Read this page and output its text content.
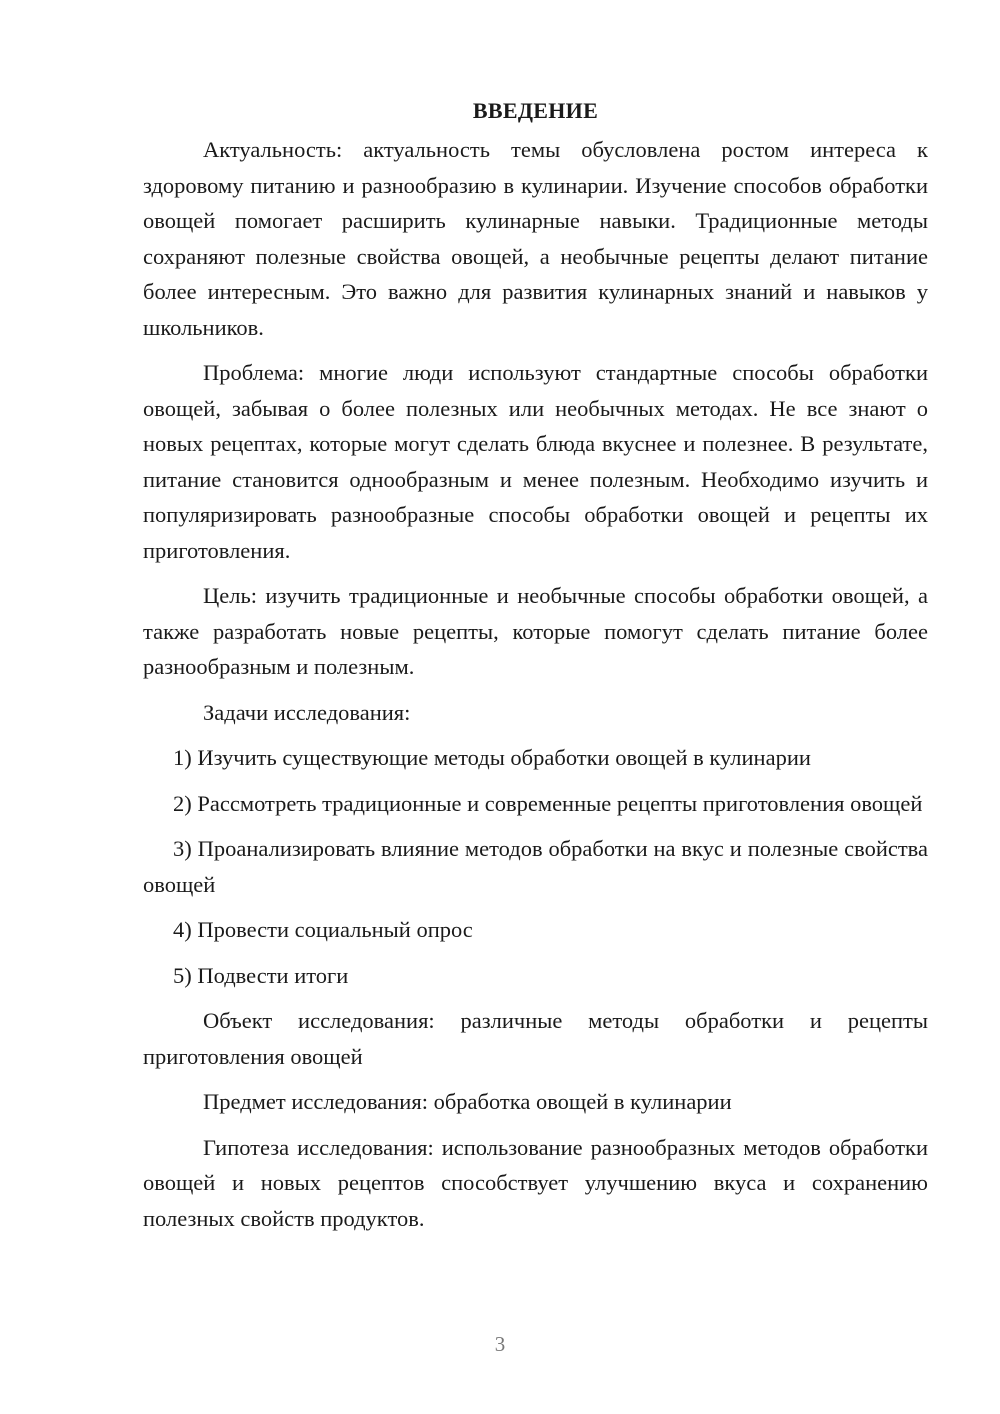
ВВЕДЕНИЕ

Актуальность: актуальность темы обусловлена ростом интереса к здоровому питанию и разнообразию в кулинарии. Изучение способов обработки овощей помогает расширить кулинарные навыки. Традиционные методы сохраняют полезные свойства овощей, а необычные рецепты делают питание более интересным. Это важно для развития кулинарных знаний и навыков у школьников.

Проблема: многие люди используют стандартные способы обработки овощей, забывая о более полезных или необычных методах. Не все знают о новых рецептах, которые могут сделать блюда вкуснее и полезнее. В результате, питание становится однообразным и менее полезным. Необходимо изучить и популяризировать разнообразные способы обработки овощей и рецепты их приготовления.

Цель: изучить традиционные и необычные способы обработки овощей, а также разработать новые рецепты, которые помогут сделать питание более разнообразным и полезным.

Задачи исследования:

1) Изучить существующие методы обработки овощей в кулинарии

2) Рассмотреть традиционные и современные рецепты приготовления овощей

3) Проанализировать влияние методов обработки на вкус и полезные свойства овощей

4) Провести социальный опрос

5) Подвести итоги

Объект исследования: различные методы обработки и рецепты приготовления овощей

Предмет исследования: обработка овощей в кулинарии

Гипотеза исследования: использование разнообразных методов обработки овощей и новых рецептов способствует улучшению вкуса и сохранению полезных свойств продуктов.

3
